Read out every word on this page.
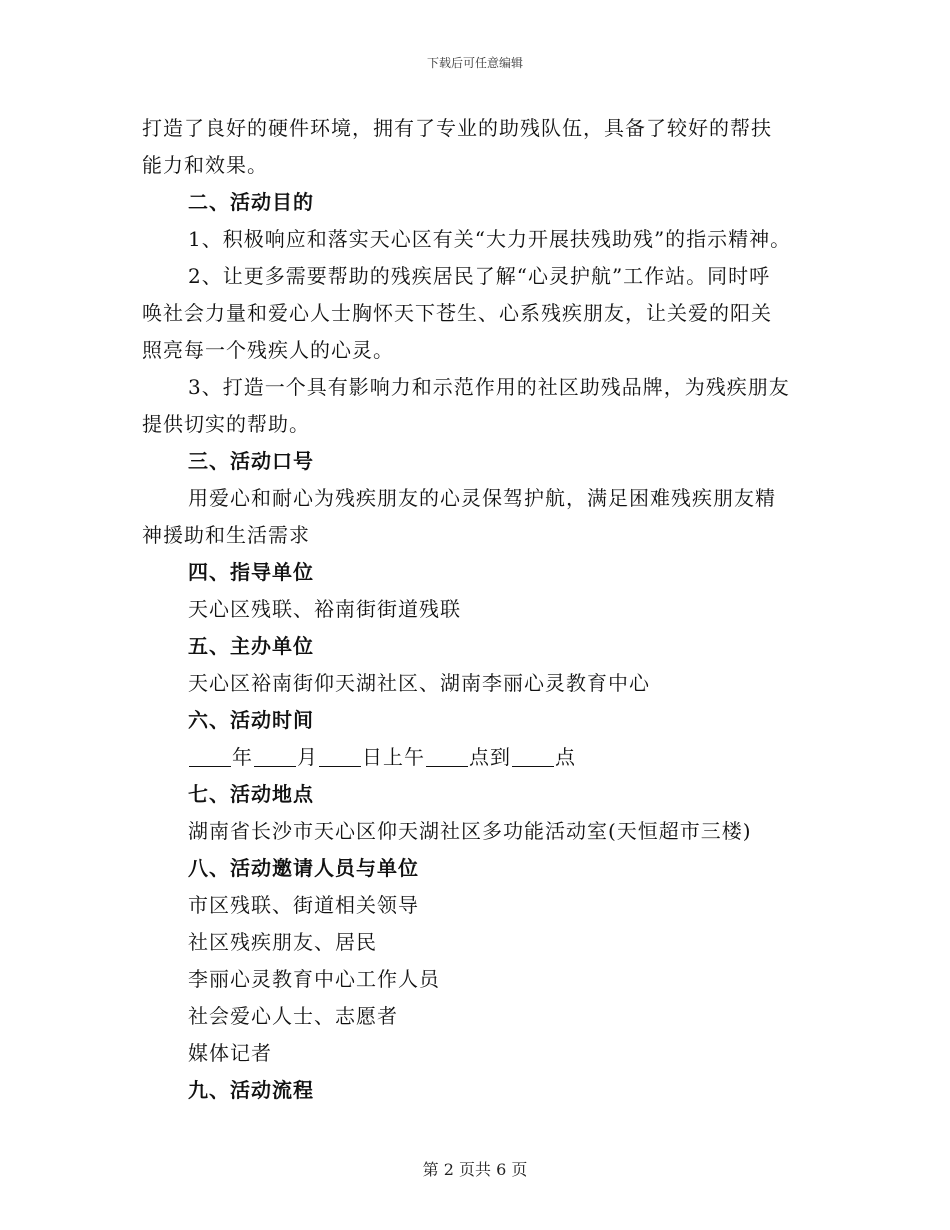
下载后可任意编辑
打造了良好的硬件环境，拥有了专业的助残队伍，具备了较好的帮扶
能力和效果。
二、活动目的
1、积极响应和落实天心区有关“大力开展扶残助残”的指示精神。
2、让更多需要帮助的残疾居民了解“心灵护航”工作站。同时呼
唤社会力量和爱心人士胸怀天下苍生、心系残疾朋友，让关爱的阳关
照亮每一个残疾人的心灵。
3、打造一个具有影响力和示范作用的社区助残品牌，为残疾朋友
提供切实的帮助。
三、活动口号
用爱心和耐心为残疾朋友的心灵保驾护航，满足困难残疾朋友精
神援助和生活需求
四、指导单位
天心区残联、裕南街街道残联
五、主办单位
天心区裕南街仰天湖社区、湖南李丽心灵教育中心
六、活动时间
年 月 日上午 点到 点
七、活动地点
湖南省长沙市天心区仰天湖社区多功能活动室(天恒超市三楼)
八、活动邀请人员与单位
市区残联、街道相关领导
社区残疾朋友、居民
李丽心灵教育中心工作人员
社会爱心人士、志愿者
媒体记者
九、活动流程
第 2 页共 6 页
